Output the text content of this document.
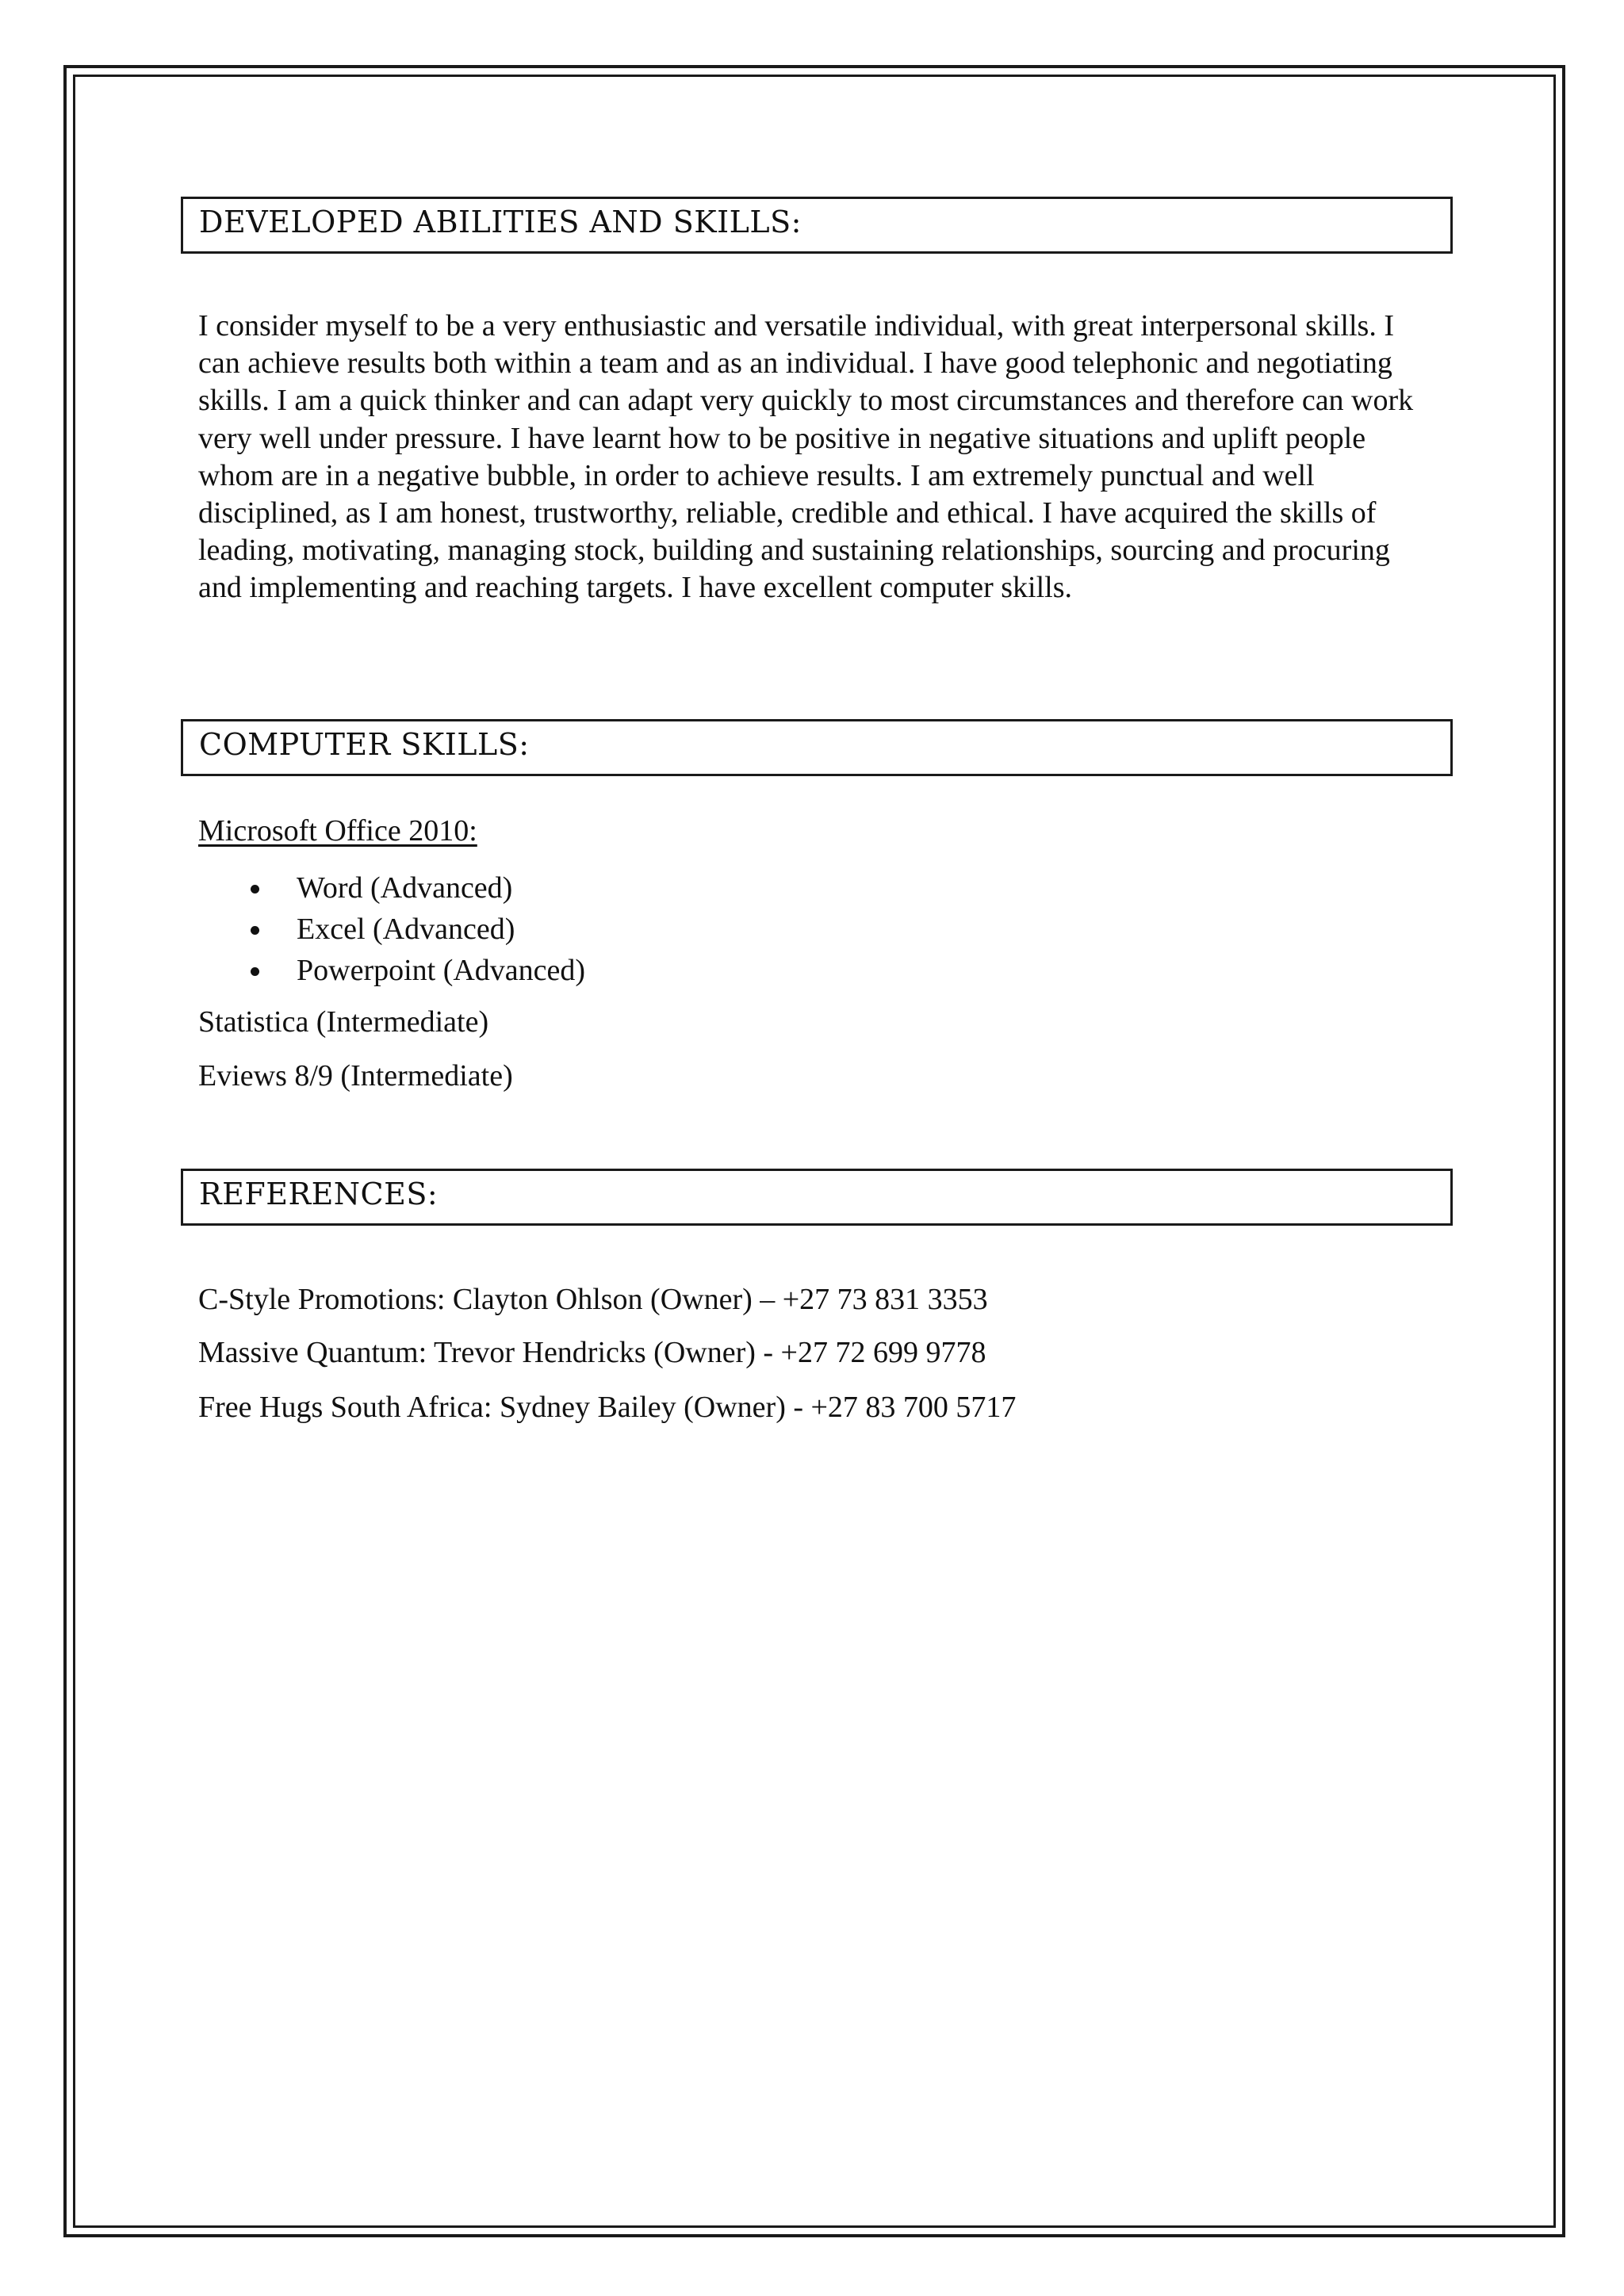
DEVELOPED ABILITIES AND SKILLS:

I consider myself to be a very enthusiastic and versatile individual, with great interpersonal skills. I can achieve results both within a team and as an individual. I have good telephonic and negotiating skills. I am a quick thinker and can adapt very quickly to most circumstances and therefore can work very well under pressure. I have learnt how to be positive in negative situations and uplift people whom are in a negative bubble, in order to achieve results. I am extremely punctual and well disciplined, as I am honest, trustworthy, reliable, credible and ethical. I have acquired the skills of leading, motivating, managing stock, building and sustaining relationships, sourcing and procuring and implementing and reaching targets. I have excellent computer skills.

COMPUTER SKILLS:

Microsoft Office 2010:

Word (Advanced)
Excel (Advanced)
Powerpoint (Advanced)

Statistica (Intermediate)

Eviews 8/9 (Intermediate)

REFERENCES:

C-Style Promotions: Clayton Ohlson (Owner) – +27 73 831 3353

Massive Quantum: Trevor Hendricks (Owner) - +27 72 699 9778

Free Hugs South Africa: Sydney Bailey (Owner) - +27 83 700 5717
